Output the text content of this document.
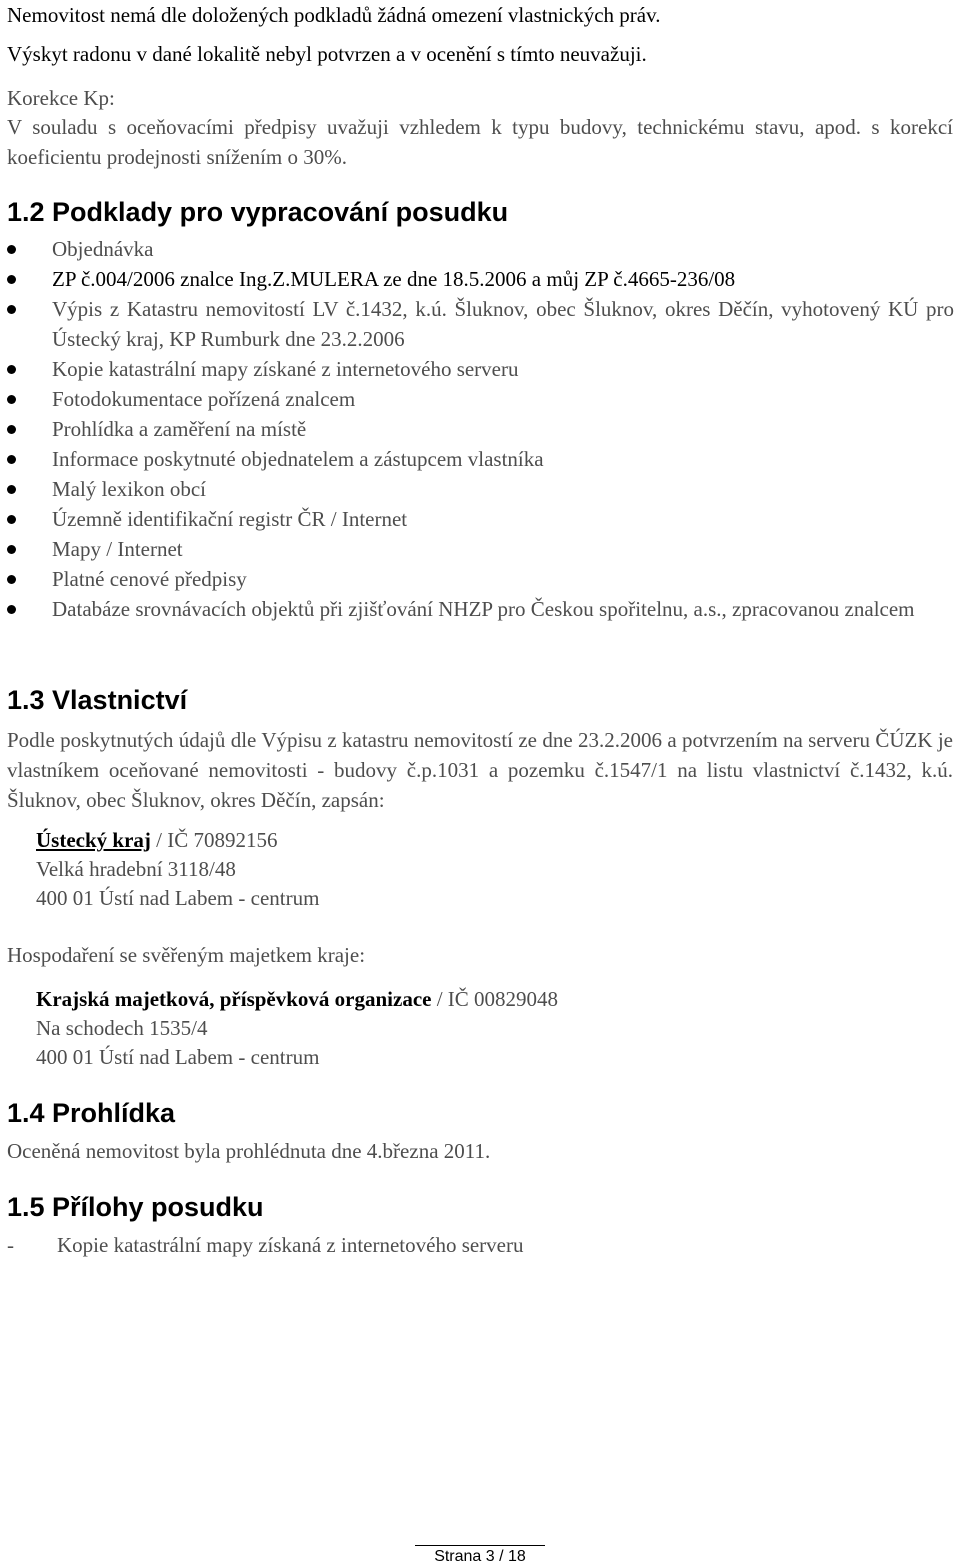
Nemovitost nemá dle doložených podkladů žádná omezení vlastnických práv.

Výskyt radonu v dané lokalitě nebyl potvrzen a v ocenění s tímto neuvažuji.

Korekce Kp:

V souladu s oceňovacími předpisy uvažuji vzhledem k typu budovy, technickému stavu, apod. s korekcí koeficientu prodejnosti snížením o 30%.

1.2 Podklady pro vypracování posudku
Objednávka
ZP č.004/2006 znalce Ing.Z.MULERA ze dne 18.5.2006 a můj ZP č.4665-236/08
Výpis z Katastru nemovitostí LV č.1432, k.ú. Šluknov, obec Šluknov, okres Děčín, vyhotovený KÚ pro Ústecký kraj, KP Rumburk dne 23.2.2006
Kopie katastrální mapy získané z internetového serveru
Fotodokumentace pořízená znalcem
Prohlídka a zaměření na místě
Informace poskytnuté objednatelem a zástupcem vlastníka
Malý lexikon obcí
Územně identifikační registr ČR / Internet
Mapy / Internet
Platné cenové předpisy
Databáze srovnávacích objektů při zjišťování NHZP pro Českou spořitelnu, a.s., zpracovanou znalcem
1.3 Vlastnictví

Podle poskytnutých údajů dle Výpisu z katastru nemovitostí ze dne 23.2.2006 a potvrzením na serveru ČÚZK je vlastníkem oceňované nemovitosti - budovy č.p.1031 a pozemku č.1547/1 na listu vlastnictví č.1432, k.ú. Šluknov, obec Šluknov, okres Děčín, zapsán:

Ústecký kraj / IČ 70892156
Velká hradební 3118/48
400 01 Ústí nad Labem - centrum

Hospodaření se svěřeným majetkem kraje:

Krajská majetková, příspěvková organizace / IČ 00829048
Na schodech 1535/4
400 01 Ústí nad Labem - centrum
1.4 Prohlídka

Oceněná nemovitost byla prohlédnuta dne 4.března 2011.

1.5 Přílohy posudku
- Kopie katastrální mapy získaná z internetového serveru
Strana 3 / 18
